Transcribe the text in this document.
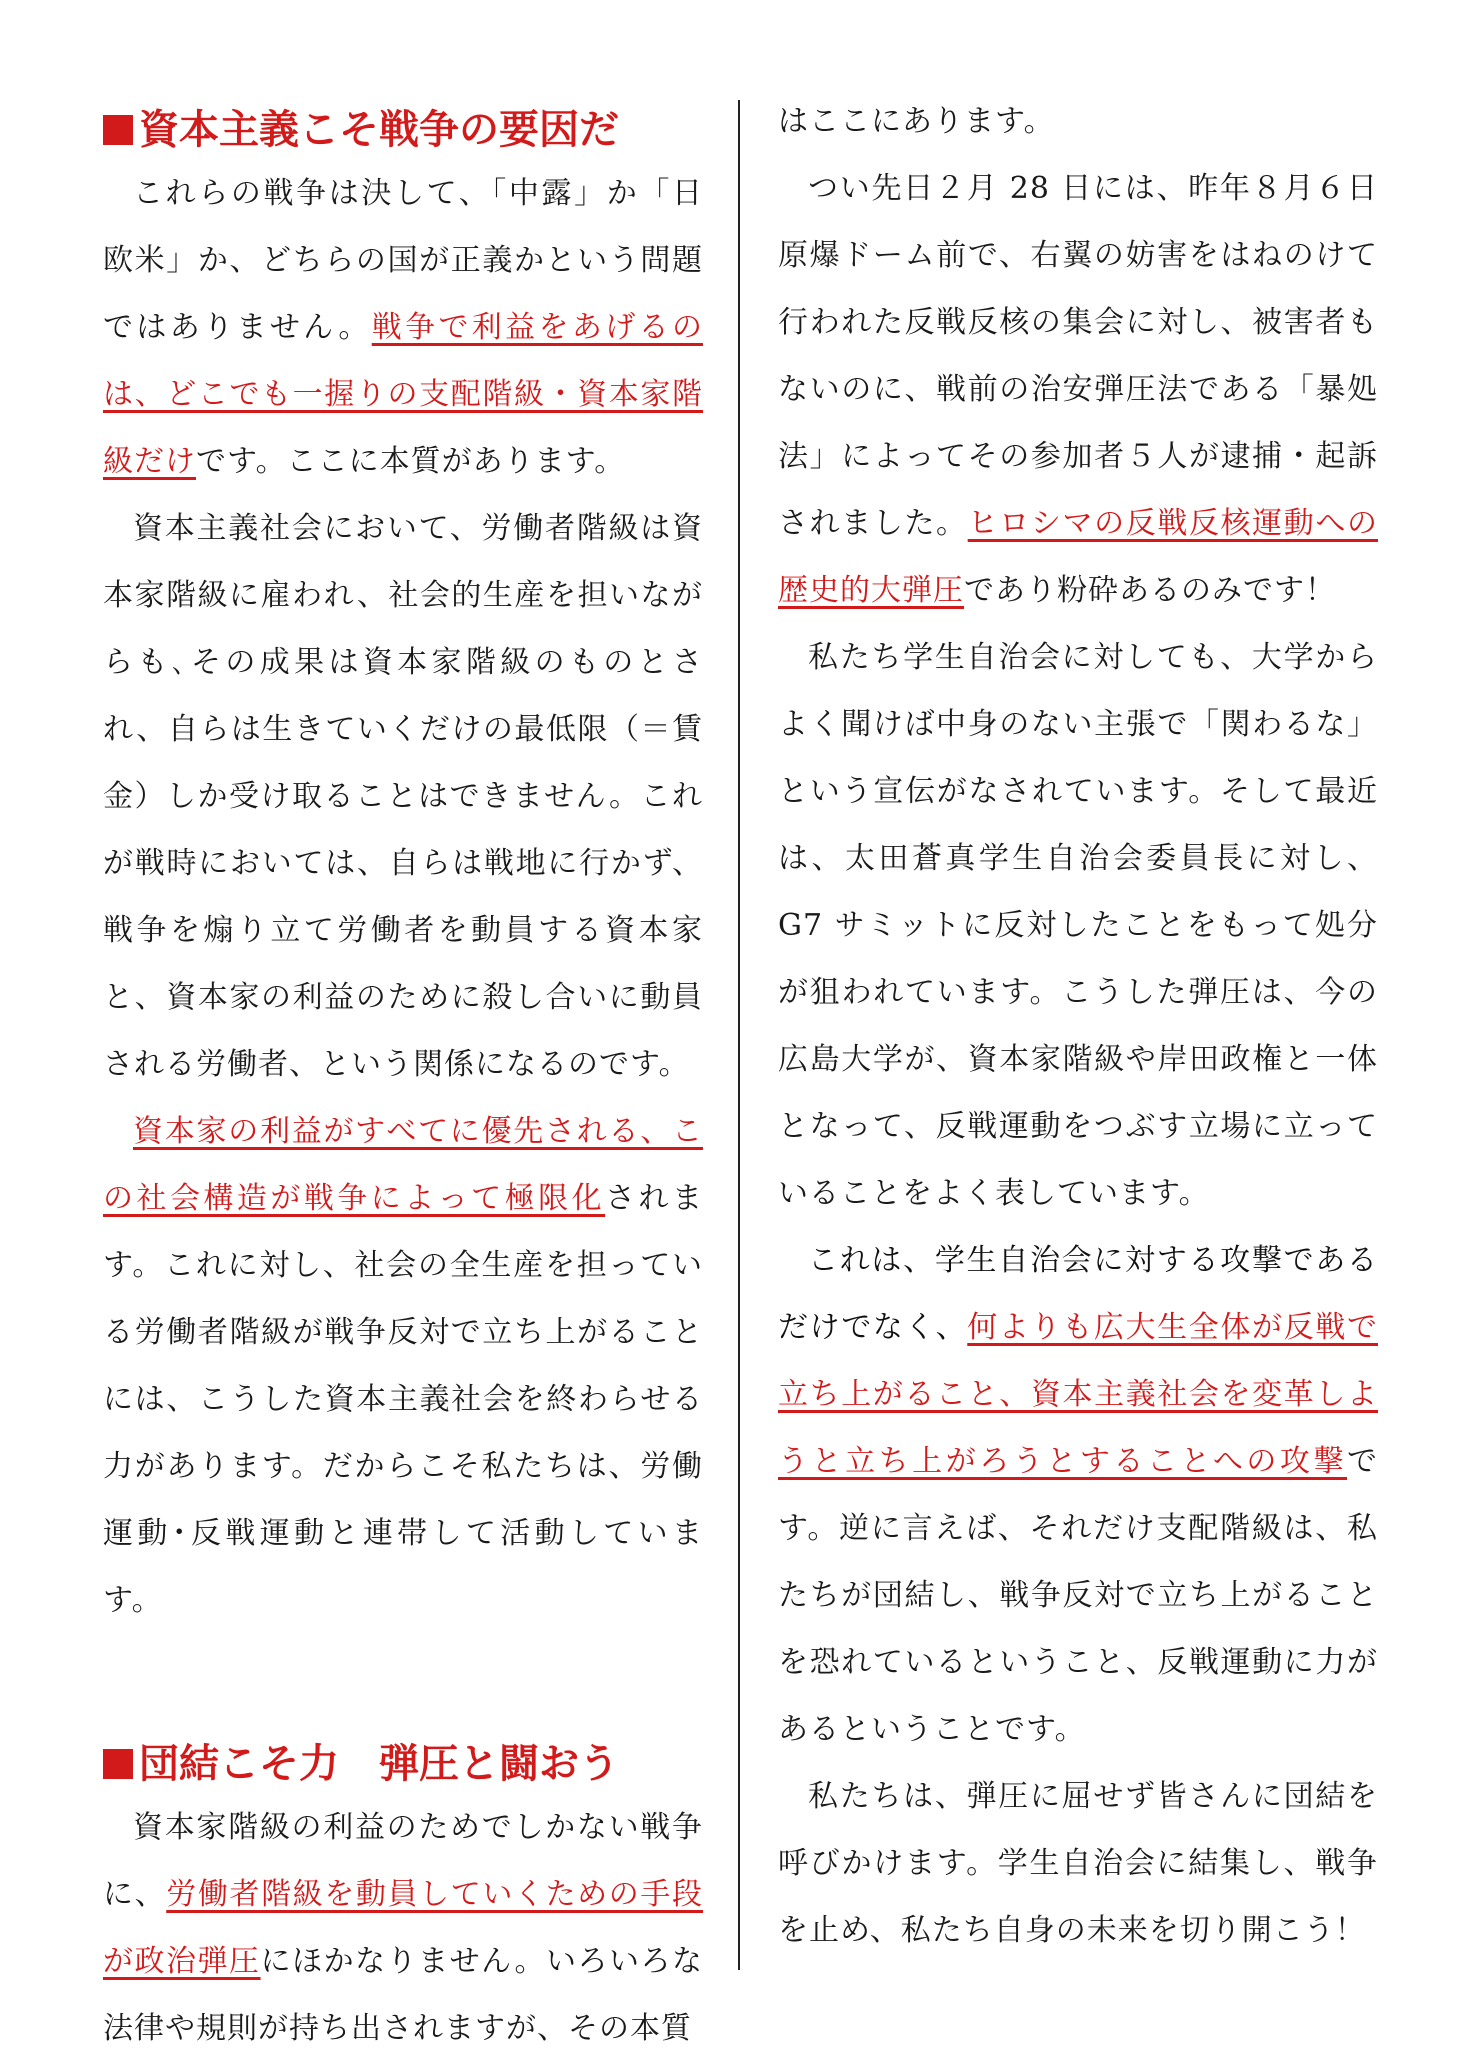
資本主義こそ戦争の要因だ

これらの戦争は決して、「中露」か「日欧米」か、どちらの国が正義かという問題ではありません。戦争で利益をあげるのは、どこでも一握りの支配階級・資本家階級だけです。ここに本質があります。

資本主義社会において、労働者階級は資本家階級に雇われ、社会的生産を担いながらも､その成果は資本家階級のものとされ、自らは生きていくだけの最低限（＝賃金）しか受け取ることはできません。これが戦時においては、自らは戦地に行かず、戦争を煽り立て労働者を動員する資本家と、資本家の利益のために殺し合いに動員される労働者、という関係になるのです。

資本家の利益がすべてに優先される、この社会構造が戦争によって極限化されます。これに対し、社会の全生産を担っている労働者階級が戦争反対で立ち上がることには、こうした資本主義社会を終わらせる力があります。だからこそ私たちは、労働運動･反戦運動と連帯して活動しています。

団結こそ力　弾圧と闘おう

資本家階級の利益のためでしかない戦争に、労働者階級を動員していくための手段が政治弾圧にほかなりません。いろいろな法律や規則が持ち出されますが、その本質

はここにあります。

つい先日２月 28 日には、昨年８月６日原爆ドーム前で、右翼の妨害をはねのけて行われた反戦反核の集会に対し、被害者もないのに、戦前の治安弾圧法である「暴処法」によってその参加者５人が逮捕・起訴されました。ヒロシマの反戦反核運動への歴史的大弾圧であり粉砕あるのみです！

私たち学生自治会に対しても、大学からよく聞けば中身のない主張で「関わるな」という宣伝がなされています。そして最近は、太田蒼真学生自治会委員長に対し、G7 サミットに反対したことをもって処分が狙われています。こうした弾圧は、今の広島大学が、資本家階級や岸田政権と一体となって、反戦運動をつぶす立場に立っていることをよく表しています。

これは、学生自治会に対する攻撃であるだけでなく、何よりも広大生全体が反戦で立ち上がること、資本主義社会を変革しようと立ち上がろうとすることへの攻撃です。逆に言えば、それだけ支配階級は、私たちが団結し、戦争反対で立ち上がることを恐れているということ、反戦運動に力があるということです。

私たちは、弾圧に屈せず皆さんに団結を呼びかけます。学生自治会に結集し、戦争を止め、私たち自身の未来を切り開こう！
